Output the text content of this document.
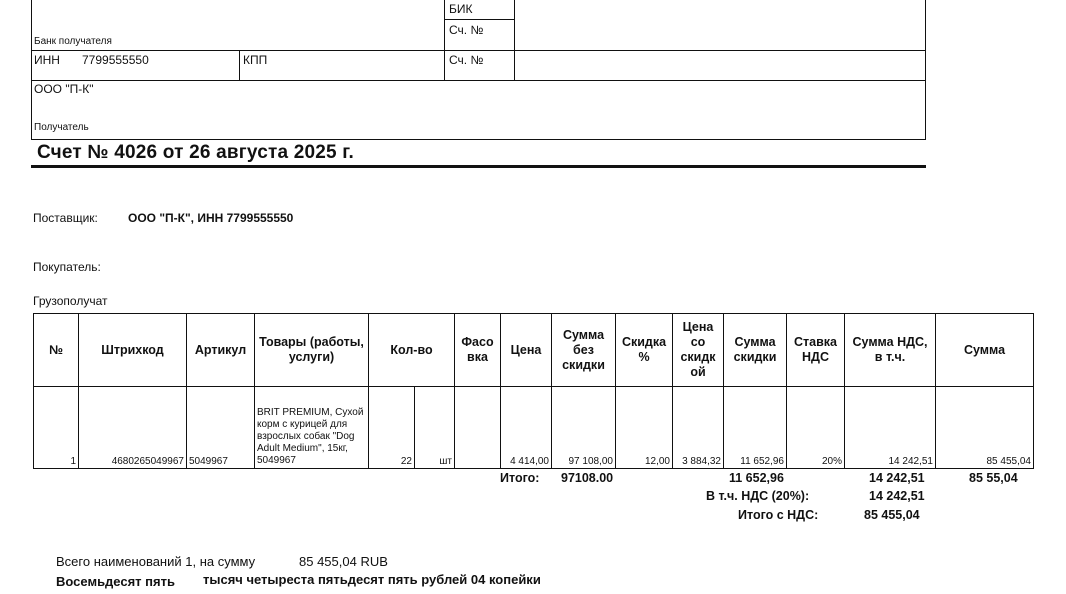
БИК
Сч. №
Банк получателя
ИНН 7799555550	КПП	Сч. №
ООО "П-К"
Получатель
Счет № 4026 от 26 августа 2025 г.
Поставщик:	ООО "П-К", ИНН 7799555550
Покупатель:
Грузополучат
№	Штрихкод	Артикул	Товары (работы, услуги)	Кол-во		Фасо вка	Цена	Сумма без скидки	Скидка %	Цена со скидк ой	Сумма скидки	Ставка НДС	Сумма НДС, в т.ч.	Сумма
1	4680265049967	5049967	BRIT PREMIUM, Сухой корм с курицей для взрослых собак "Dog Adult Medium", 15кг, 5049967	22	шт		4 414,00	97 108,00	12,00	3 884,32	11 652,96	20%	14 242,51	85 455,04
Итого: 97108.00	11 652,96	14 242,51	85 55,04
В т.ч. НДС (20%):	14 242,51
Итого с НДС:	85 455,04
Всего наименований 1, на сумму	85 455,04 RUB
Восемьдесят пять тысяч четыреста пятьдесят пять рублей 04 копейки
